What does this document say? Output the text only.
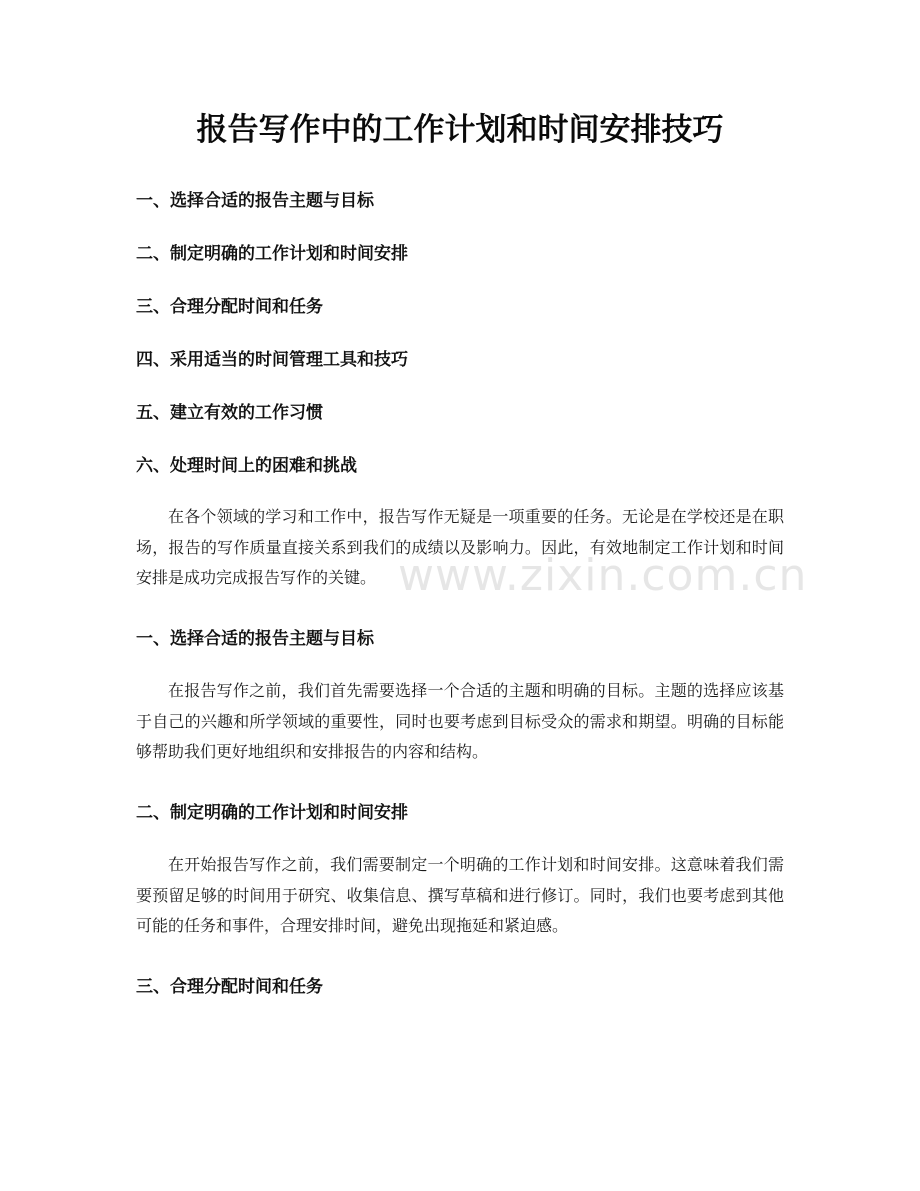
报告写作中的工作计划和时间安排技巧
一、选择合适的报告主题与目标
二、制定明确的工作计划和时间安排
三、合理分配时间和任务
四、采用适当的时间管理工具和技巧
五、建立有效的工作习惯
六、处理时间上的困难和挑战

在各个领域的学习和工作中，报告写作无疑是一项重要的任务。无论是在学校还是在职场，报告的写作质量直接关系到我们的成绩以及影响力。因此，有效地制定工作计划和时间安排是成功完成报告写作的关键。

一、选择合适的报告主题与目标

在报告写作之前，我们首先需要选择一个合适的主题和明确的目标。主题的选择应该基于自己的兴趣和所学领域的重要性，同时也要考虑到目标受众的需求和期望。明确的目标能够帮助我们更好地组织和安排报告的内容和结构。

二、制定明确的工作计划和时间安排

在开始报告写作之前，我们需要制定一个明确的工作计划和时间安排。这意味着我们需要预留足够的时间用于研究、收集信息、撰写草稿和进行修订。同时，我们也要考虑到其他可能的任务和事件，合理安排时间，避免出现拖延和紧迫感。

三、合理分配时间和任务
www.zixin.com.cn
